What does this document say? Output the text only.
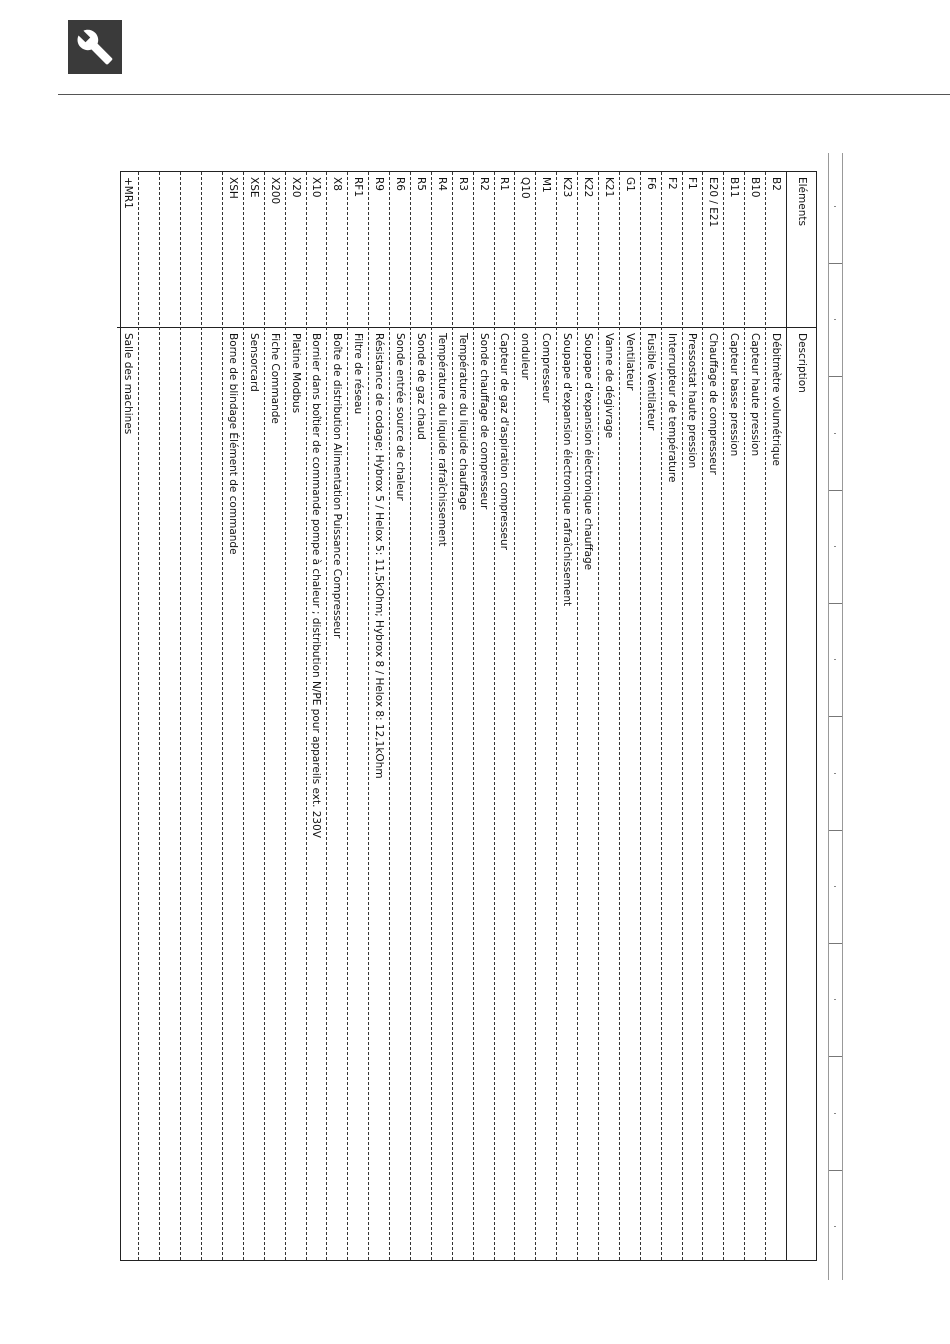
Eléments
Description
B2
Débitmètre volumétrique
B10
Capteur haute pression
B11
Capteur basse pression
E20 / E21
Chauffage de compresseur
F1
Pressostat haute pression
F2
Interrupteur de température
F6
Fusible Ventilateur
G1
Ventilateur
K21
Vanne de dégivrage
K22
Soupape d'expansion électronique chauffage
K23
Soupape d'expansion électronique rafraîchissement
M1
Compresseur
Q10
onduleur
R1
Capteur de gaz d'aspiration compresseur
R2
Sonde chauffage de compresseur
R3
Température du liquide chauffage
R4
Température du liquide rafraîchissement
R5
Sonde de gaz chaud
R6
Sonde entrée source de chaleur
R9
Résistance de codage; Hybrox 5 / Helox 5: 11,5kOhm; Hybrox 8 / Helox 8: 12,1kOhm
RF1
Filtre de réseau
X8
Boîte de distribution Alimentation Puissance Compresseur
X10
Bornier dans boîtier de commande pompe à chaleur ; distribution N/PE pour appareils ext. 230V
X20
Platine Modbus
X200
Fiche Commande
XSE
Sensorcard
XSH
Borne de blindage Élément de commande
+MR1
Salle des machines
